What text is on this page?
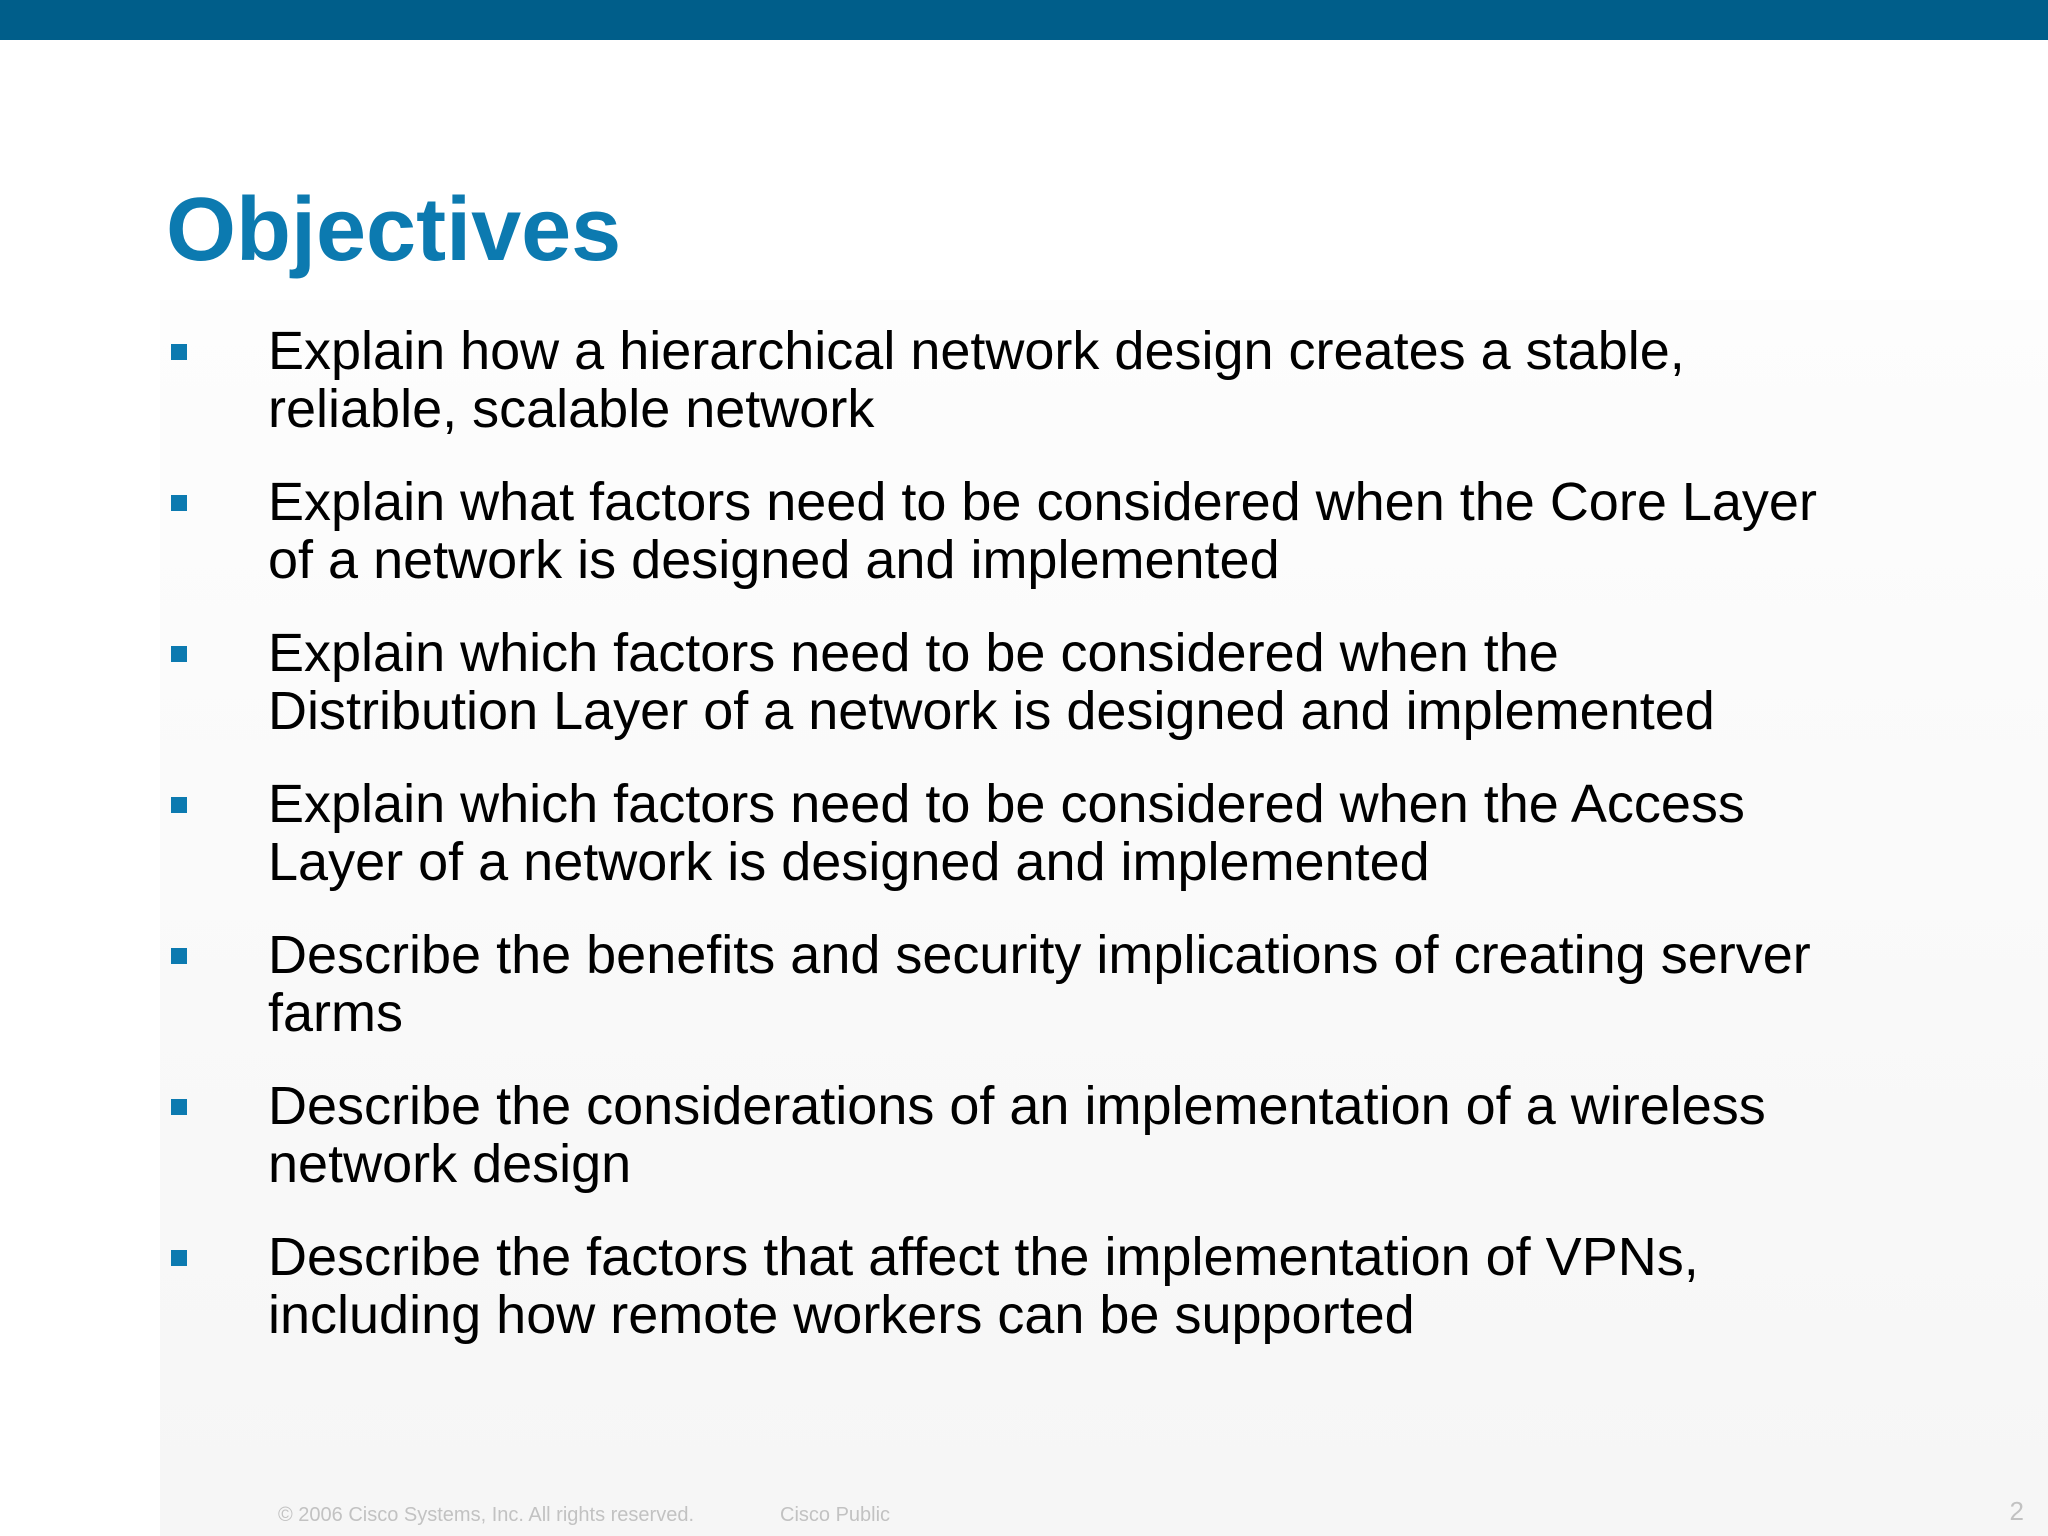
Objectives
Explain how a hierarchical network design creates a stable,
reliable, scalable network
Explain what factors need to be considered when the Core Layer
of a network is designed and implemented
Explain which factors need to be considered when the
Distribution Layer of a network is designed and implemented
Explain which factors need to be considered when the Access
Layer of a network is designed and implemented
Describe the benefits and security implications of creating server
farms
Describe the considerations of an implementation of a wireless
network design
Describe the factors that affect the implementation of VPNs,
including how remote workers can be supported
© 2006 Cisco Systems, Inc. All rights reserved.	Cisco Public	2
